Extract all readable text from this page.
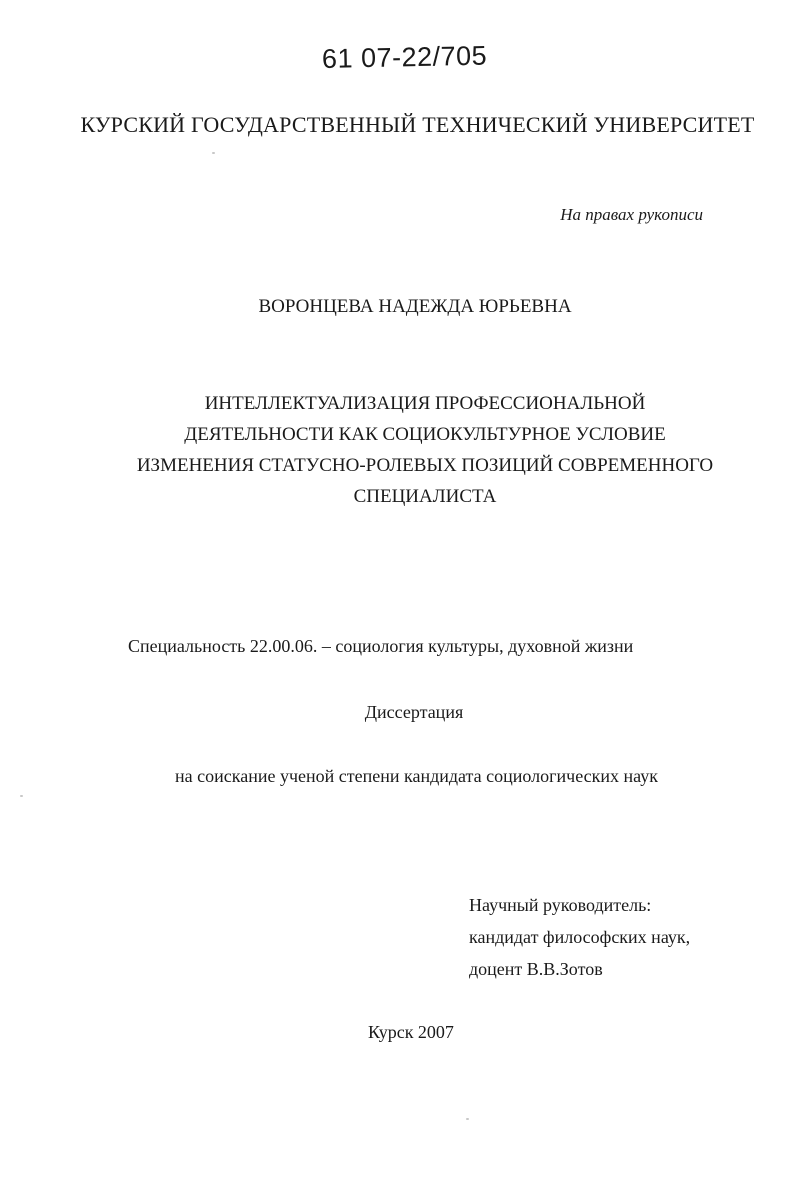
61 07-22/705
КУРСКИЙ ГОСУДАРСТВЕННЫЙ ТЕХНИЧЕСКИЙ УНИВЕРСИТЕТ
На правах рукописи
ВОРОНЦЕВА НАДЕЖДА ЮРЬЕВНА
ИНТЕЛЛЕКТУАЛИЗАЦИЯ ПРОФЕССИОНАЛЬНОЙ
ДЕЯТЕЛЬНОСТИ КАК СОЦИОКУЛЬТУРНОЕ УСЛОВИЕ
ИЗМЕНЕНИЯ СТАТУСНО-РОЛЕВЫХ ПОЗИЦИЙ СОВРЕМЕННОГО
СПЕЦИАЛИСТА
Специальность 22.00.06. – социология культуры, духовной жизни
Диссертация
на соискание ученой степени кандидата социологических наук
Научный руководитель:
кандидат философских наук,
доцент В.В.Зотов
Курск 2007
